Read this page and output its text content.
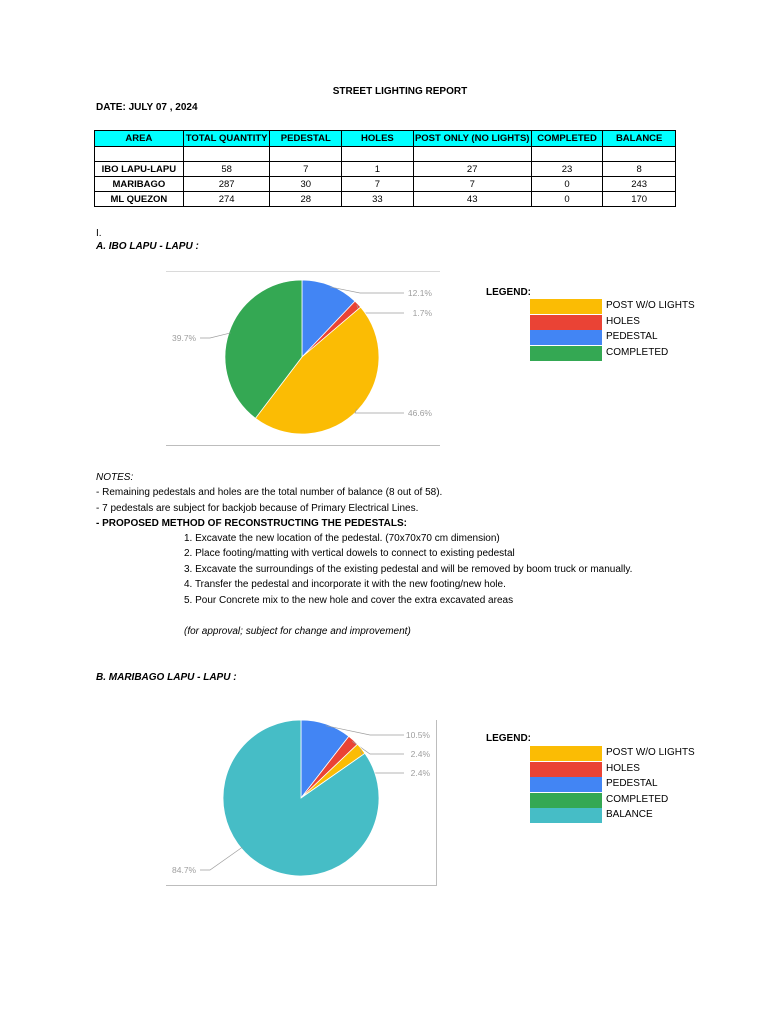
STREET LIGHTING REPORT
DATE: JULY 07 , 2024
AREA	TOTAL QUANTITY	PEDESTAL	HOLES	POST ONLY (NO LIGHTS)	COMPLETED	BALANCE

IBO LAPU-LAPU	58	7	1	27	23	8
MARIBAGO	287	30	7	7	0	243
ML QUEZON	274	28	33	43	0	170
I.
A. IBO LAPU - LAPU :
12.1%
1.7%
46.6%
39.7%
LEGEND:
POST W/O LIGHTS
HOLES
PEDESTAL
COMPLETED
NOTES:
- Remaining pedestals and holes are the total number of balance (8 out of 58).
- 7 pedestals are subject for backjob because of Primary Electrical Lines.
- PROPOSED METHOD OF RECONSTRUCTING THE PEDESTALS:
1. Excavate the new location of the pedestal. (70x70x70 cm dimension)
2. Place footing/matting with vertical dowels to connect to existing pedestal
3. Excavate the surroundings of the existing pedestal and will be removed by boom truck or manually.
4. Transfer the pedestal and incorporate it with the new footing/new hole.
5. Pour Concrete mix to the new hole and cover the extra excavated areas
(for approval; subject for change and improvement)
B. MARIBAGO LAPU - LAPU :
10.5%
2.4%
2.4%
84.7%
LEGEND:
POST W/O LIGHTS
HOLES
PEDESTAL
COMPLETED
BALANCE
